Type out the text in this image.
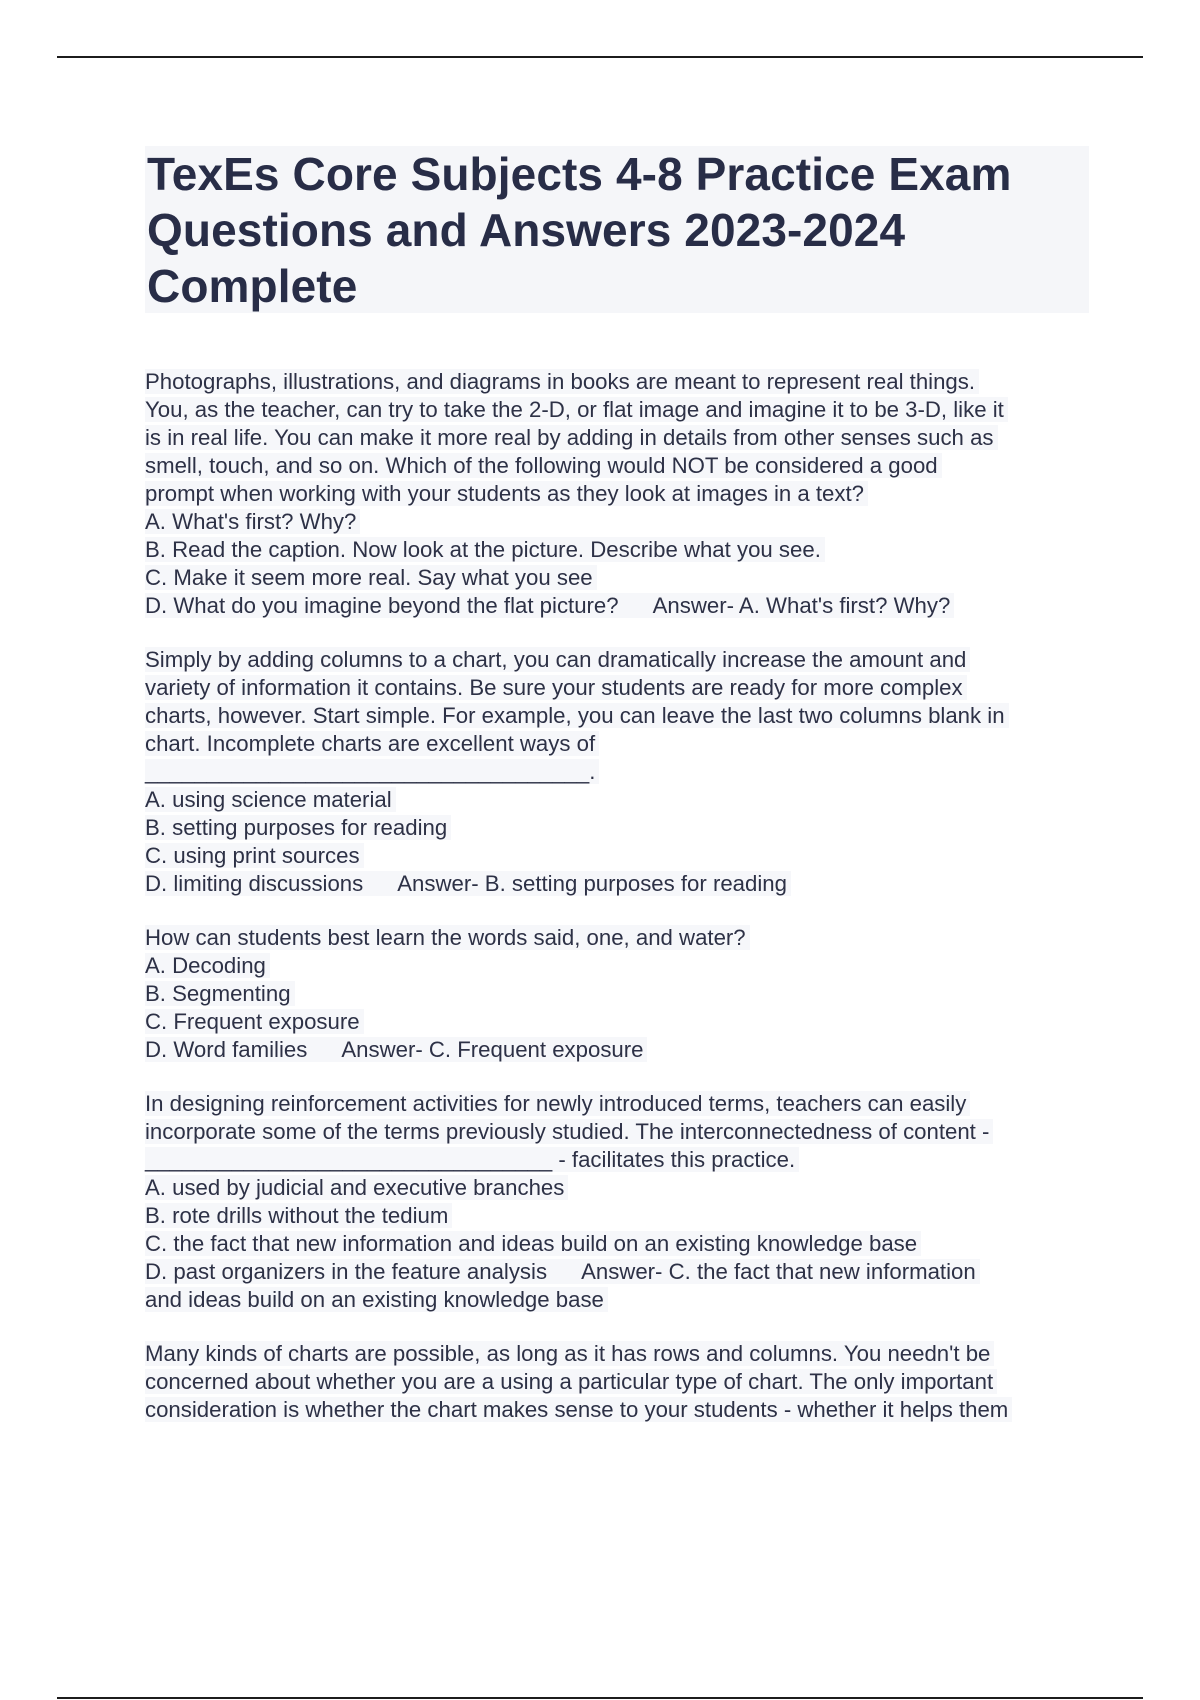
TexEs Core Subjects 4-8 Practice Exam
Questions and Answers 2023-2024
Complete
Photographs, illustrations, and diagrams in books are meant to represent real things.
You, as the teacher, can try to take the 2-D, or flat image and imagine it to be 3-D, like it
is in real life. You can make it more real by adding in details from other senses such as
smell, touch, and so on. Which of the following would NOT be considered a good
prompt when working with your students as they look at images in a text?
A. What's first? Why?
B. Read the caption. Now look at the picture. Describe what you see.
C. Make it seem more real. Say what you see
D. What do you imagine beyond the flat picture? Answer- A. What's first? Why?
Simply by adding columns to a chart, you can dramatically increase the amount and
variety of information it contains. Be sure your students are ready for more complex
charts, however. Start simple. For example, you can leave the last two columns blank in
chart. Incomplete charts are excellent ways of
____________________________________.
A. using science material
B. setting purposes for reading
C. using print sources
D. limiting discussions Answer- B. setting purposes for reading
How can students best learn the words said, one, and water?
A. Decoding
B. Segmenting
C. Frequent exposure
D. Word families Answer- C. Frequent exposure
In designing reinforcement activities for newly introduced terms, teachers can easily
incorporate some of the terms previously studied. The interconnectedness of content -
_________________________________ - facilitates this practice.
A. used by judicial and executive branches
B. rote drills without the tedium
C. the fact that new information and ideas build on an existing knowledge base
D. past organizers in the feature analysis Answer- C. the fact that new information
and ideas build on an existing knowledge base
Many kinds of charts are possible, as long as it has rows and columns. You needn't be
concerned about whether you are a using a particular type of chart. The only important
consideration is whether the chart makes sense to your students - whether it helps them
